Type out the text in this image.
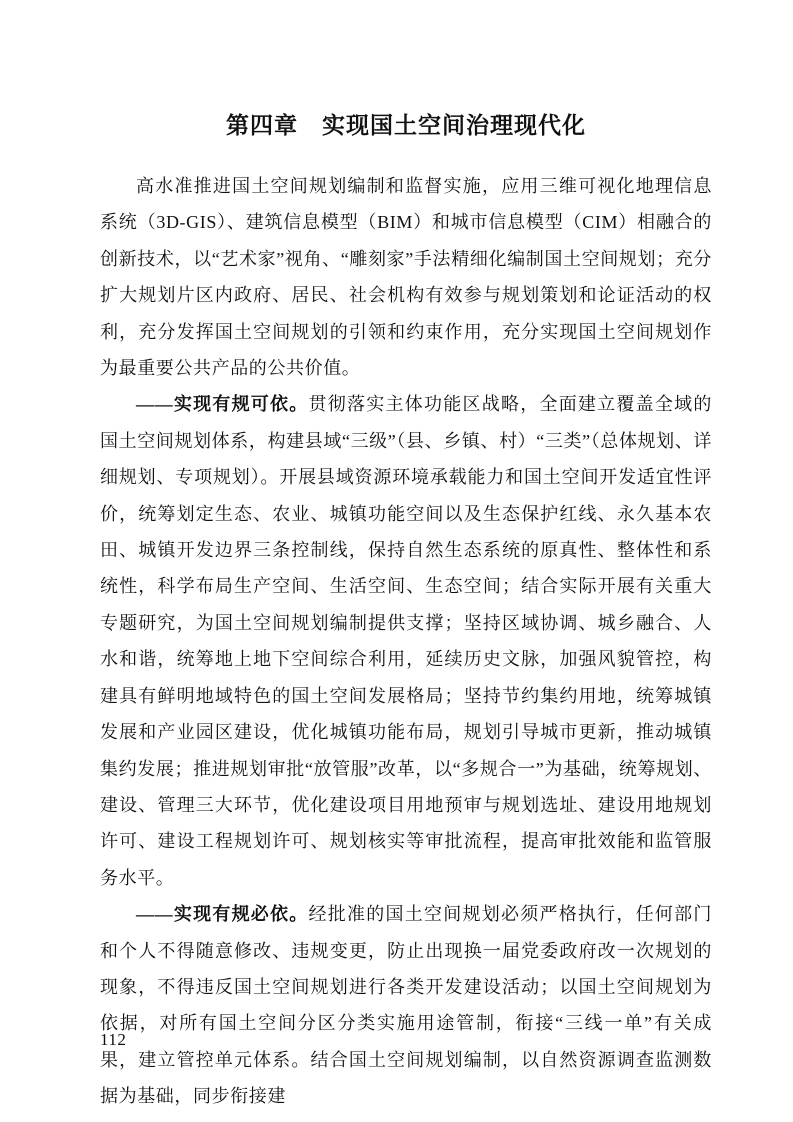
第四章　实现国土空间治理现代化

高水准推进国土空间规划编制和监督实施，应用三维可视化地理信息系统（3D-GIS）、建筑信息模型（BIM）和城市信息模型（CIM）相融合的创新技术，以“艺术家”视角、“雕刻家”手法精细化编制国土空间规划；充分扩大规划片区内政府、居民、社会机构有效参与规划策划和论证活动的权利，充分发挥国土空间规划的引领和约束作用，充分实现国土空间规划作为最重要公共产品的公共价值。

——实现有规可依。贯彻落实主体功能区战略，全面建立覆盖全域的国土空间规划体系，构建县域“三级”（县、乡镇、村）“三类”（总体规划、详细规划、专项规划）。开展县域资源环境承载能力和国土空间开发适宜性评价，统筹划定生态、农业、城镇功能空间以及生态保护红线、永久基本农田、城镇开发边界三条控制线，保持自然生态系统的原真性、整体性和系统性，科学布局生产空间、生活空间、生态空间；结合实际开展有关重大专题研究，为国土空间规划编制提供支撑；坚持区域协调、城乡融合、人水和谐，统筹地上地下空间综合利用，延续历史文脉，加强风貌管控，构建具有鲜明地域特色的国土空间发展格局；坚持节约集约用地，统筹城镇发展和产业园区建设，优化城镇功能布局，规划引导城市更新，推动城镇集约发展；推进规划审批“放管服”改革，以“多规合一”为基础，统筹规划、建设、管理三大环节，优化建设项目用地预审与规划选址、建设用地规划许可、建设工程规划许可、规划核实等审批流程，提高审批效能和监管服务水平。

——实现有规必依。经批准的国土空间规划必须严格执行，任何部门和个人不得随意修改、违规变更，防止出现换一届党委政府改一次规划的现象，不得违反国土空间规划进行各类开发建设活动；以国土空间规划为依据，对所有国土空间分区分类实施用途管制，衔接“三线一单”有关成果，建立管控单元体系。结合国土空间规划编制，以自然资源调查监测数据为基础，同步衔接建

112
